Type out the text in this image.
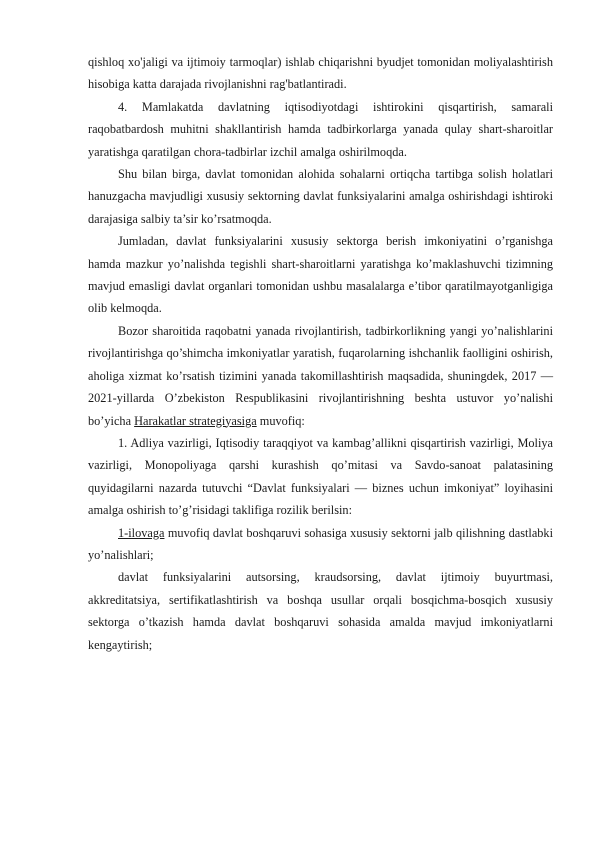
qishloq xo'jaligi va ijtimoiy tarmoqlar) ishlab chiqarishni byudjet tomonidan moliyalashtirish hisobiga katta darajada rivojlanishni rag'batlantiradi.

4. Mamlakatda davlatning iqtisodiyotdagi ishtirokini qisqartirish, samarali raqobatbardosh muhitni shakllantirish hamda tadbirkorlarga yanada qulay shart-sharoitlar yaratishga qaratilgan chora-tadbirlar izchil amalga oshirilmoqda.

Shu bilan birga, davlat tomonidan alohida sohalarni ortiqcha tartibga solish holatlari hanuzgacha mavjudligi xususiy sektorning davlat funksiyalarini amalga oshirishdagi ishtiroki darajasiga salbiy ta’sir ko’rsatmoqda.

Jumladan, davlat funksiyalarini xususiy sektorga berish imkoniyatini o’rganishga hamda mazkur yo’nalishda tegishli shart-sharoitlarni yaratishga ko’maklashuvchi tizimning mavjud emasligi davlat organlari tomonidan ushbu masalalarga e’tibor qaratilmayotganligiga olib kelmoqda.

Bozor sharoitida raqobatni yanada rivojlantirish, tadbirkorlikning yangi yo’nalishlarini rivojlantirishga qo’shimcha imkoniyatlar yaratish, fuqarolarning ishchanlik faolligini oshirish, aholiga xizmat ko’rsatish tizimini yanada takomillashtirish maqsadida, shuningdek, 2017 — 2021-yillarda O’zbekiston Respublikasini rivojlantirishning beshta ustuvor yo’nalishi bo’yicha Harakatlar strategiyasiga muvofiq:

1. Adliya vazirligi, Iqtisodiy taraqqiyot va kambag’allikni qisqartirish vazirligi, Moliya vazirligi, Monopoliyaga qarshi kurashish qo’mitasi va Savdo-sanoat palatasining quyidagilarni nazarda tutuvchi “Davlat funksiyalari — biznes uchun imkoniyat” loyihasini amalga oshirish to’g’risidagi taklifiga rozilik berilsin:

1-ilovaga muvofiq davlat boshqaruvi sohasiga xususiy sektorni jalb qilishning dastlabki yo’nalishlari;

davlat funksiyalarini autsorsing, kraudsorsing, davlat ijtimoiy buyurtmasi, akkreditatsiya, sertifikatlashtirish va boshqa usullar orqali bosqichma-bosqich xususiy sektorga o’tkazish hamda davlat boshqaruvi sohasida amalda mavjud imkoniyatlarni kengaytirish;
